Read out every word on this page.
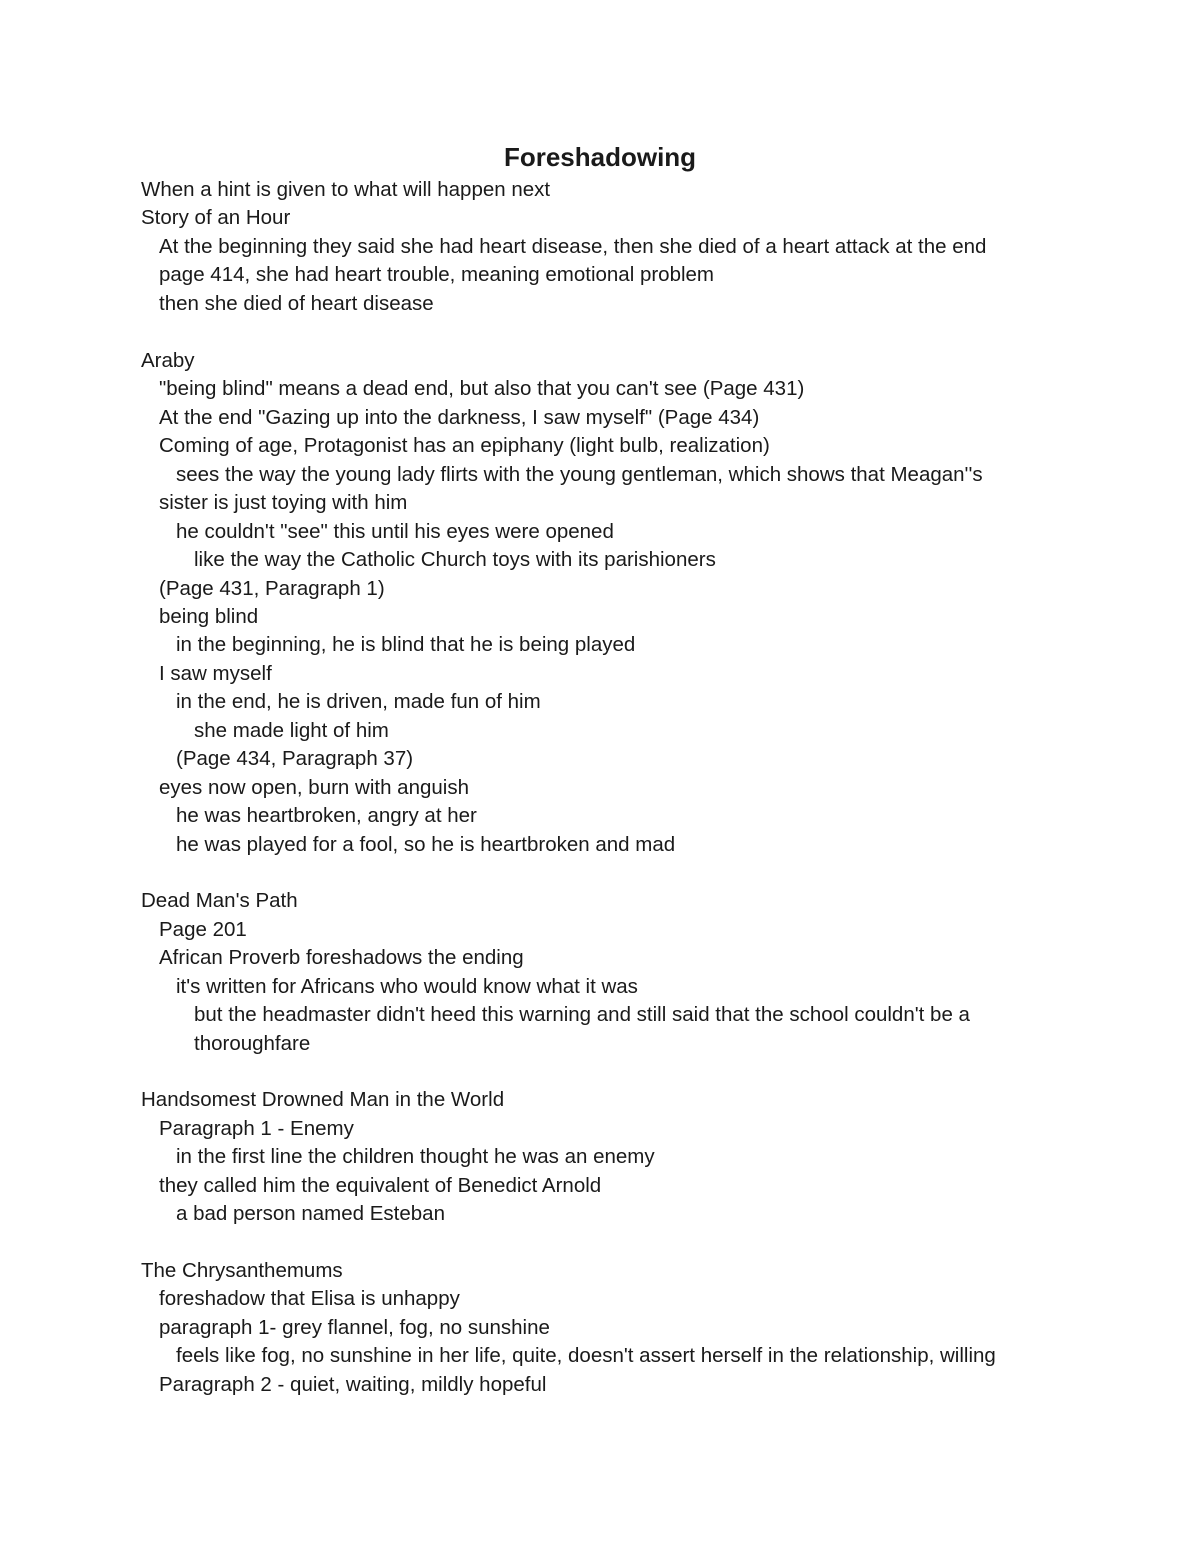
Foreshadowing
When a hint is given to what will happen next
Story of an Hour
At the beginning they said she had heart disease, then she died of a heart attack at the end
page 414, she had heart trouble, meaning emotional problem
then she died of heart disease
Araby
"being blind" means a dead end, but also that you can't see (Page 431)
At the end "Gazing up into the darkness, I saw myself" (Page 434)
Coming of age, Protagonist has an epiphany (light bulb, realization)
sees the way the young lady flirts with the young gentleman, which shows that Meagan''s
sister is just toying with him
he couldn't "see" this until his eyes were opened
like the way the Catholic Church toys with its parishioners
(Page 431, Paragraph 1)
being blind
in the beginning, he is blind that he is being played
I saw myself
in the end, he is driven, made fun of him
she made light of him
(Page 434, Paragraph 37)
eyes now open, burn with anguish
he was heartbroken, angry at her
he was played for a fool, so he is heartbroken and mad
Dead Man's Path
Page 201
African Proverb foreshadows the ending
it's written for Africans who would know what it was
but the headmaster didn't heed this warning and still said that the school couldn't be a
thoroughfare
Handsomest Drowned Man in the World
Paragraph 1 - Enemy
in the first line the children thought he was an enemy
they called him the equivalent of Benedict Arnold
a bad person named Esteban
The Chrysanthemums
foreshadow that Elisa is unhappy
paragraph 1- grey flannel, fog, no sunshine
feels like fog, no sunshine in her life, quite, doesn't assert herself in the relationship, willing
Paragraph 2 - quiet, waiting, mildly hopeful
